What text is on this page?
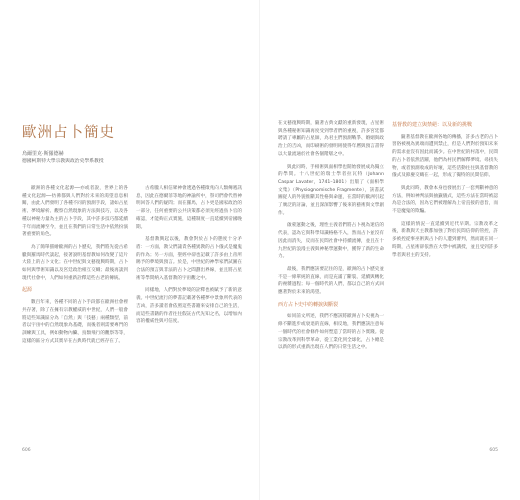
歐洲占卜簡史
烏爾里克·斯羅德赫
德國柯斯特大學宗教與政治史學系教授

歐洲的各種文化起源──亦或者說，世界上的各種文化起源──彷彿都與人們對於未來的渴望息息相關，由此人們發明了各種不同的預測手段，諸如占星術、夢境解析、觀察自然現象的方法與技巧，以及各種以神秘力量為主的占卜手段，其中許多技巧都延續千年而流傳至今，並且在我們的日常生活中依然扮演著重要的角色。

為了簡單描繪歐洲的占卜歷史，我們將先從古希臘與羅馬時代談起，接著說明基督教如何改變了這片大陸上的占卜文化；在中世紀與文藝復興時期，占卜如何與學術知識以及宮廷政治相互交織；最後再談到現代社會中，人們如何重新詮釋這些古老的傳統。

起源

數百年來，各種不同的占卜手段都在歐洲社會裡共存著，除了在擁有宗教權威的中世紀，人們一般會將這些知識區分為「自然」與「技藝」兩種類型，前者以宇宙中的自然現象為基礎，而後者則需要專門的訓練與工具，例如動物內臟、鳥類飛行的觀察等等，這樣的區分方式其實早在古典時代就已經存在了。

古希臘人相信眾神會透過各種徵兆向人類傳遞訊息，因此在德爾菲等地的神諭所中，祭司們會代替神明回答人們的疑問；而在羅馬，占卜更是國家政治的一部分，任何重要的公共決策都必須先經過鳥卜官的確認，才能夠正式實施，這種制度一直延續到帝國晚期。

基督教興起以後，教會對於占卜的態度十分矛盾：一方面，教父們譴責各種異教的占卜儀式是魔鬼的作為；另一方面，聖經中卻也記載了許多由上帝所賜予的夢境與預言。於是，中世紀的神學家們試圖在合法的預言與非法的占卜之間劃出界線，並且將占星術等學問納入基督教的宇宙觀之中。

同樣地，人們對於夢境的詮釋也被賦予了新的意義。中世紀流行的夢書記載著各種夢中景象所代表的吉凶，許多讀者會依照這些書籍來安排自己的生活，而這些書籍的作者往往假託古代先知之名，以增加內容的權威性與可信度。

606

在文藝復興時期，隨著古典文獻的重新發現，占星術與各種秘術知識再度受到學者們的重視，許多宮廷都聘請了專屬的占星師，為君主們預測戰爭、婚姻與政治上的吉凶，而印刷術的發明則使得年曆與預言書得以大量流通於社會各個階層之中。

與此同時，手相術與面相學也開始發展成為獨立的學問。十八世紀的瑞士學者拉瓦特（Johann Caspar Lavater，1741–1801）出版了《面相學文集》（Physiognomische Fragmente），該書試圖從人的外貌推斷其性格與命運，在當時的歐洲引起了廣泛的討論，並且深深影響了後來的藝術與文學創作。

啟蒙運動之後，理性主義者們將占卜視為迷信的代表，認為它與科學知識格格不入，然而占卜並沒有因此而消失，反而在民間社會中持續流傳，並且在十九世紀的浪漫主義與神秘學運動中，獲得了新的生命力。

最後，我們應該要記住的是，歐洲的占卜歷史並不是一條單純的直線，而是充滿了斷裂、延續與轉化的複雜過程；每一個時代的人們，都以自己的方式回應著對於未來的渴望。

西方占卜史中的轉捩與斷裂

如同前文所述，我們不應該將歐洲占卜史視為一條不斷進步或衰退的直線，相反地，我們應該注意每一個時代的社會條件如何塑造了當時的占卜實踐。從宗教改革到科學革命，從工業化到全球化，占卜總是以新的形式重新出現在人們的日常生活之中。

基督教的建立與禁絕：以及新的挑戰

隨著基督教在歐洲各地的傳播，許多古老的占卜習俗被視為異端而遭到禁止，但是人們對於預知未來的需求並沒有因此而減少。在中世紀的村落中，民間的占卜者依然活躍，他們為村民們解釋夢境、尋找失物，或者預測收成的好壞，這些活動往往與基督教的儀式及節慶交織在一起，形成了獨特的民間信仰。

與此同時，教會本身也發展出了一套判斷神意的方法，例如神判法與抽籤儀式，這些方法在當時被認為是合法的，因為它們被理解為上帝直接的意旨，而不是魔鬼的欺騙。

這樣的情況一直延續到近代早期。宗教改革之後，新教與天主教都加強了對於民間信仰的管控，許多被控從事巫術與占卜的人遭到審判，然而就在同一時期，占星術卻依然在大學中被講授，並且受到許多學者與君主的支持。

605
